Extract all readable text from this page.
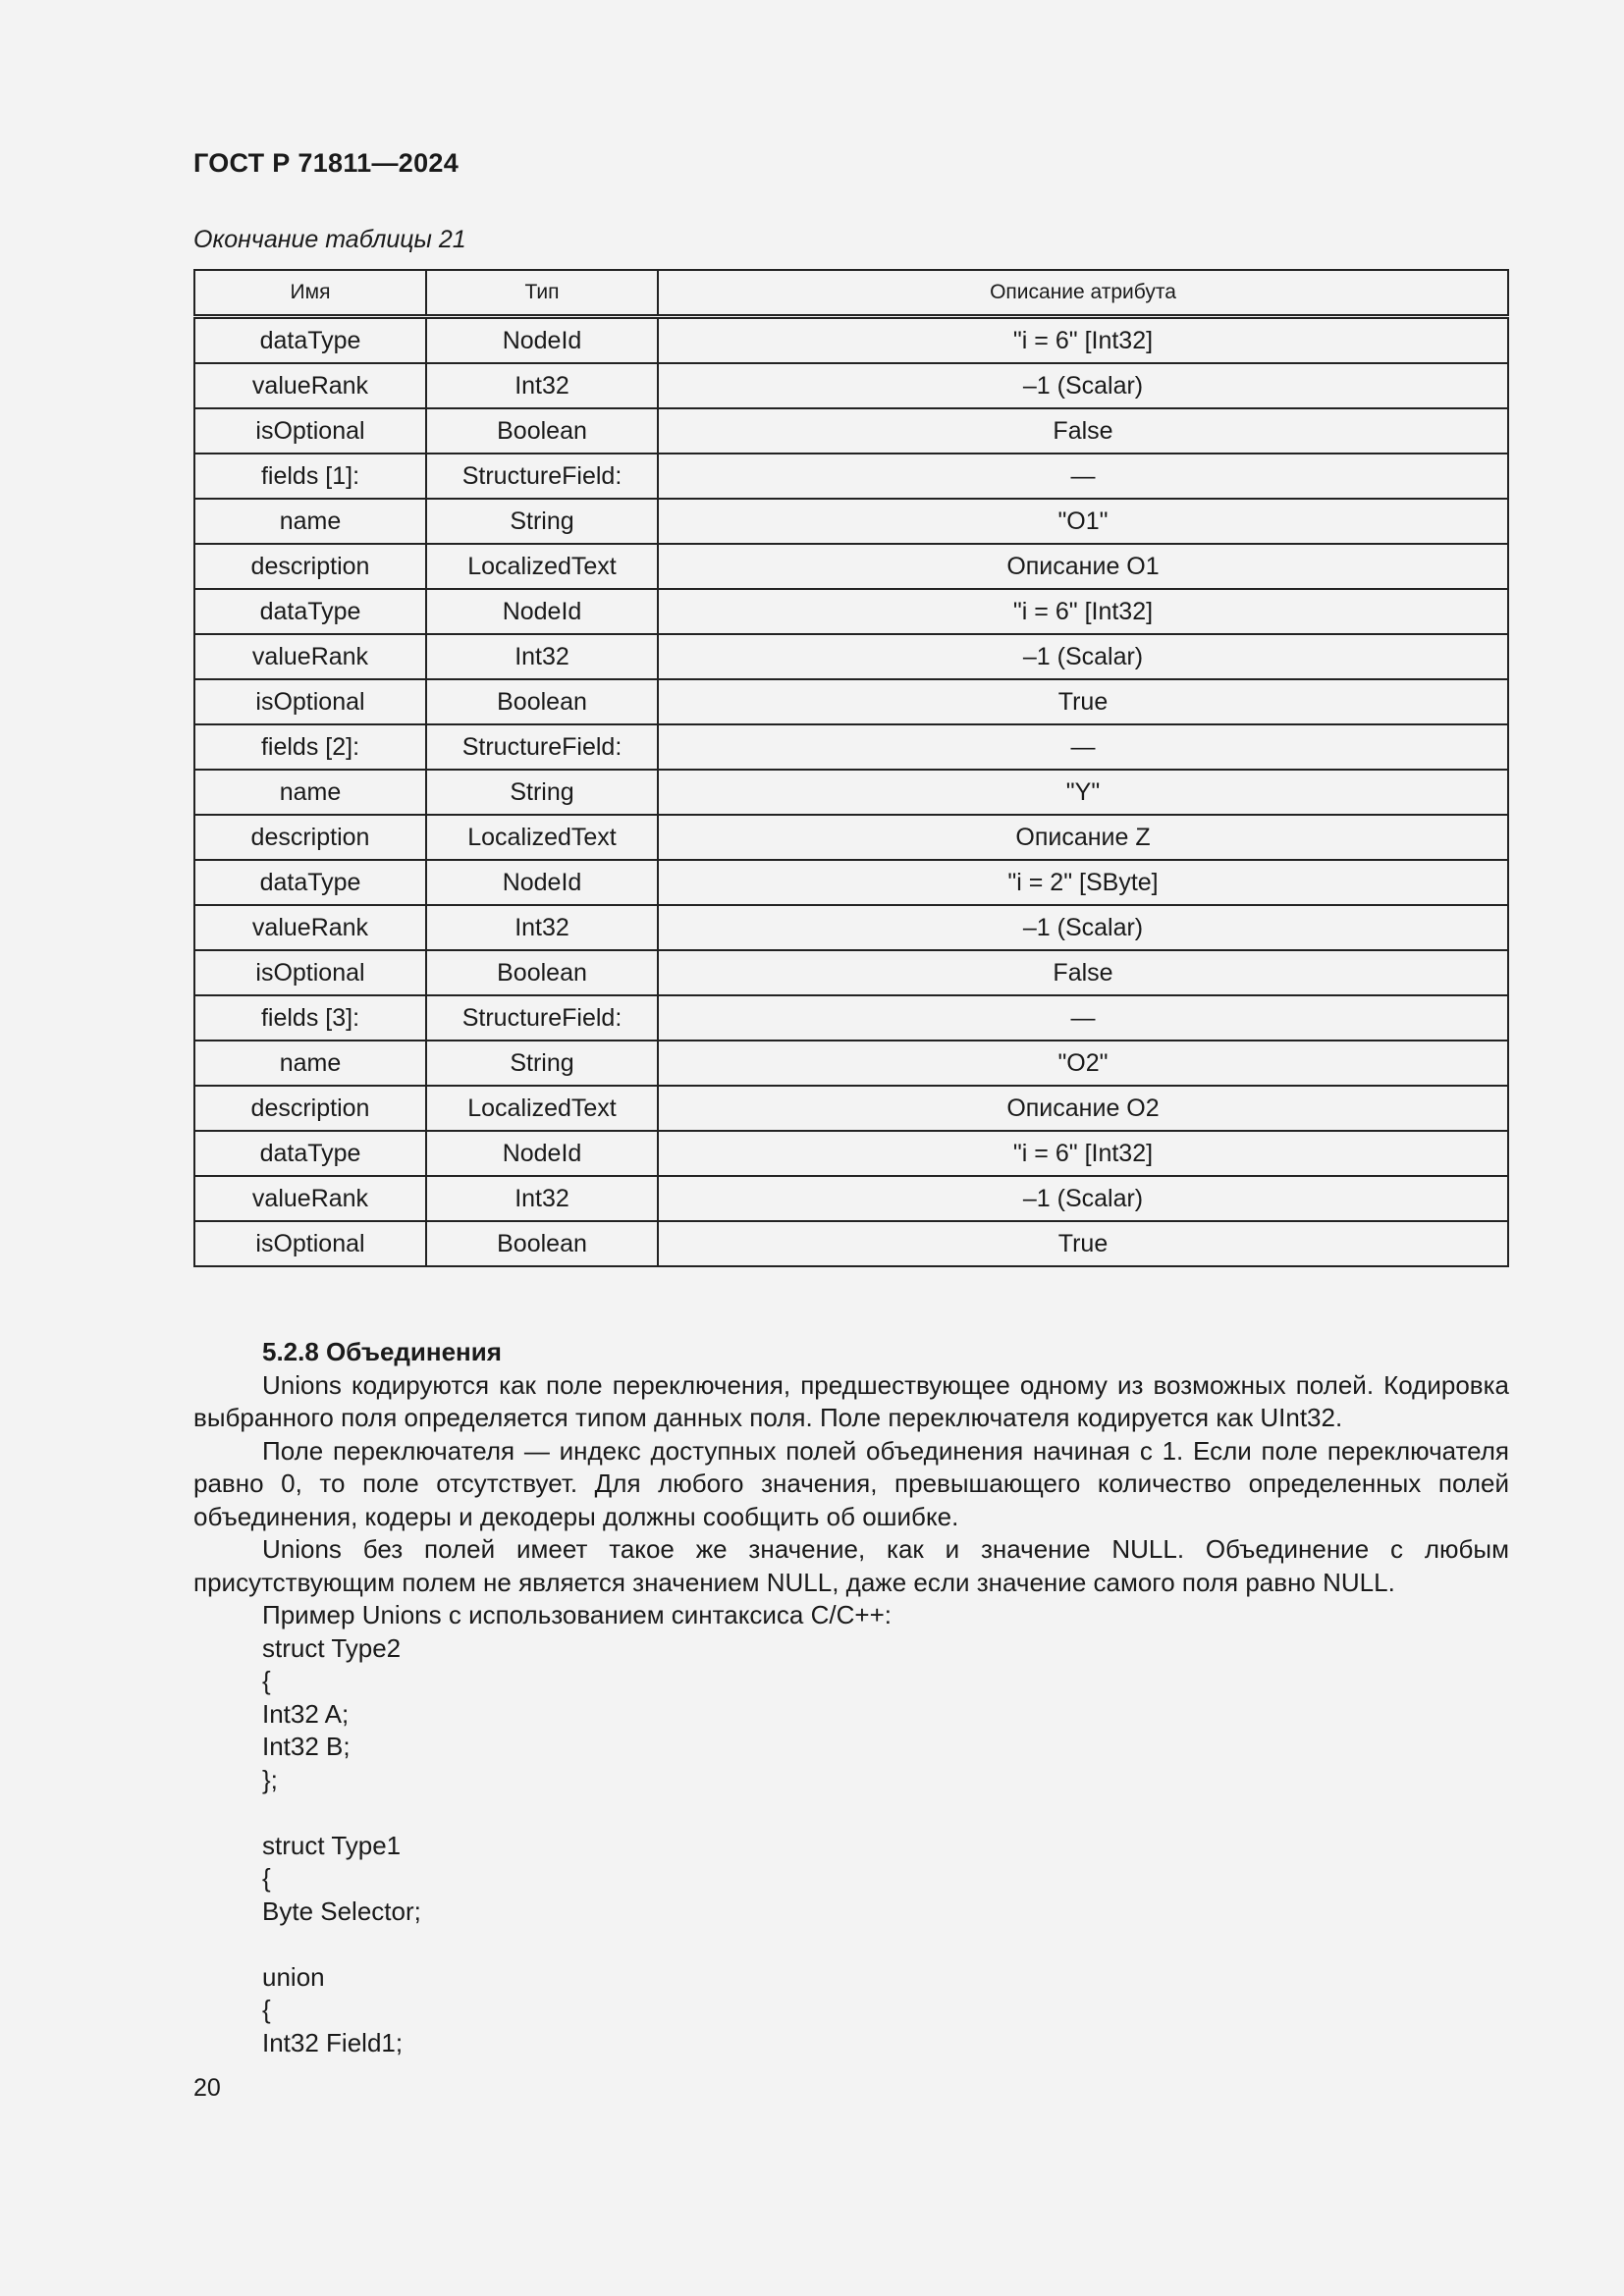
ГОСТ Р 71811—2024
Окончание таблицы 21
Имя	Тип	Описание атрибута
dataType	NodeId	"i = 6" [Int32]
valueRank	Int32	–1 (Scalar)
isOptional	Boolean	False
fields [1]:	StructureField:	—
name	String	"O1"
description	LocalizedText	Описание O1
dataType	NodeId	"i = 6" [Int32]
valueRank	Int32	–1 (Scalar)
isOptional	Boolean	True
fields [2]:	StructureField:	—
name	String	"Y"
description	LocalizedText	Описание Z
dataType	NodeId	"i = 2" [SByte]
valueRank	Int32	–1 (Scalar)
isOptional	Boolean	False
fields [3]:	StructureField:	—
name	String	"O2"
description	LocalizedText	Описание O2
dataType	NodeId	"i = 6" [Int32]
valueRank	Int32	–1 (Scalar)
isOptional	Boolean	True
5.2.8 Объединения

Unions кодируются как поле переключения, предшествующее одному из возможных полей. Кодировка выбранного поля определяется типом данных поля. Поле переключателя кодируется как UInt32.

Поле переключателя — индекс доступных полей объединения начиная с 1. Если поле переключателя равно 0, то поле отсутствует. Для любого значения, превышающего количество определенных полей объединения, кодеры и декодеры должны сообщить об ошибке.

Unions без полей имеет такое же значение, как и значение NULL. Объединение с любым присутствующим полем не является значением NULL, даже если значение самого поля равно NULL.

Пример Unions с использованием синтаксиса C/C++:

struct Type2
{
Int32 A;
Int32 B;
};
struct Type1
{
Byte Selector;
union
{
Int32 Field1;
20
